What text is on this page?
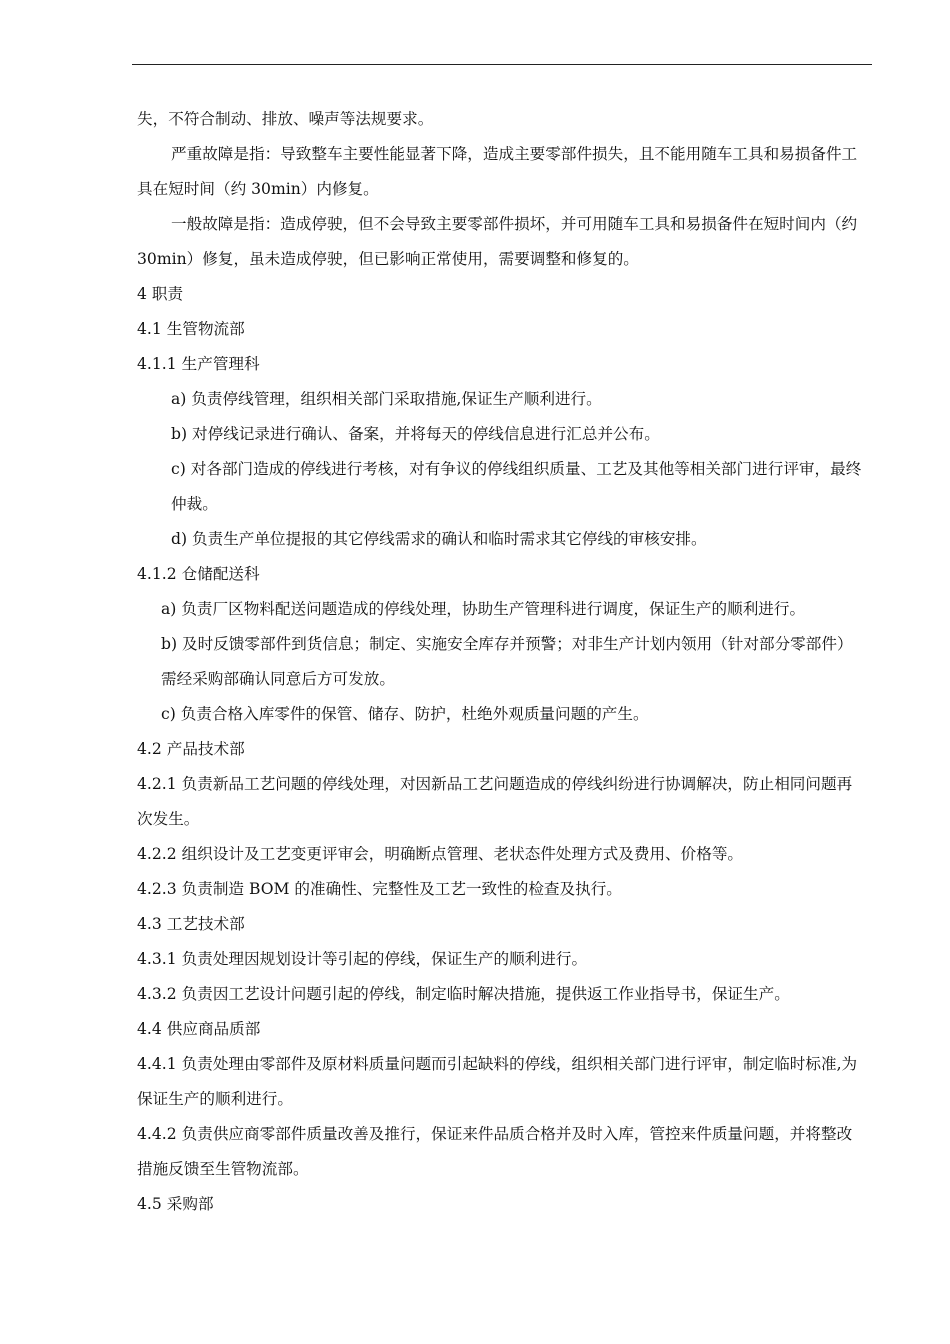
失，不符合制动、排放、噪声等法规要求。

严重故障是指：导致整车主要性能显著下降，造成主要零部件损失，且不能用随车工具和易损备件工具在短时间（约 30min）内修复。

一般故障是指：造成停驶，但不会导致主要零部件损坏，并可用随车工具和易损备件在短时间内（约 30min）修复，虽未造成停驶，但已影响正常使用，需要调整和修复的。

4 职责

4.1 生管物流部

4.1.1 生产管理科

a) 负责停线管理，组织相关部门采取措施,保证生产顺利进行。

b) 对停线记录进行确认、备案，并将每天的停线信息进行汇总并公布。

c) 对各部门造成的停线进行考核，对有争议的停线组织质量、工艺及其他等相关部门进行评审，最终仲裁。

d) 负责生产单位提报的其它停线需求的确认和临时需求其它停线的审核安排。

4.1.2 仓储配送科

a) 负责厂区物料配送问题造成的停线处理，协助生产管理科进行调度，保证生产的顺利进行。

b) 及时反馈零部件到货信息；制定、实施安全库存并预警；对非生产计划内领用（针对部分零部件）需经采购部确认同意后方可发放。

c) 负责合格入库零件的保管、储存、防护，杜绝外观质量问题的产生。

4.2 产品技术部

4.2.1 负责新品工艺问题的停线处理，对因新品工艺问题造成的停线纠纷进行协调解决，防止相同问题再次发生。

4.2.2 组织设计及工艺变更评审会，明确断点管理、老状态件处理方式及费用、价格等。

4.2.3 负责制造 BOM 的准确性、完整性及工艺一致性的检查及执行。

4.3 工艺技术部

4.3.1 负责处理因规划设计等引起的停线，保证生产的顺利进行。

4.3.2 负责因工艺设计问题引起的停线，制定临时解决措施，提供返工作业指导书，保证生产。

4.4 供应商品质部

4.4.1 负责处理由零部件及原材料质量问题而引起缺料的停线，组织相关部门进行评审，制定临时标准,为保证生产的顺利进行。

4.4.2 负责供应商零部件质量改善及推行，保证来件品质合格并及时入库，管控来件质量问题，并将整改措施反馈至生管物流部。

4.5 采购部
